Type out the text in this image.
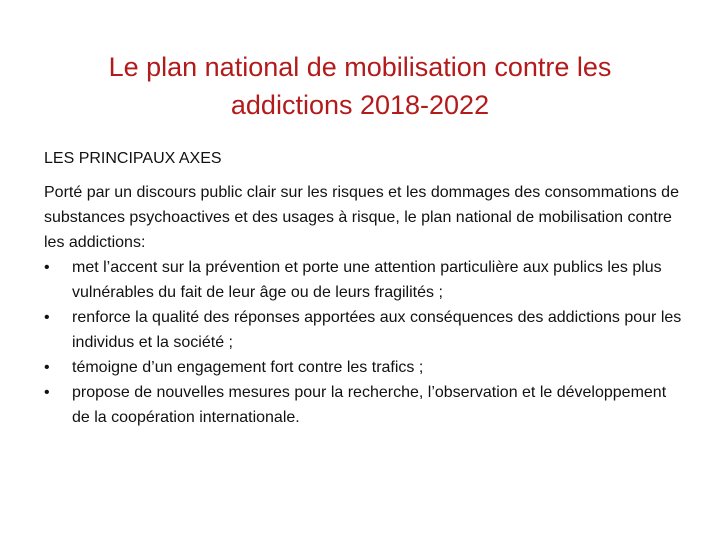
Le plan national de mobilisation contre les
addictions 2018-2022
LES PRINCIPAUX AXES

Porté par un discours public clair sur les risques et les dommages des consommations de substances psychoactives et des usages à risque, le plan national de mobilisation contre les addictions:

•	met l’accent sur la prévention et porte une attention particulière aux publics les plus vulnérables du fait de leur âge ou de leurs fragilités ;
•	renforce la qualité des réponses apportées aux conséquences des addictions pour les individus et la société ;
•	témoigne d’un engagement fort contre les trafics ;
•	propose de nouvelles mesures pour la recherche, l’observation et le développement de la coopération internationale.
